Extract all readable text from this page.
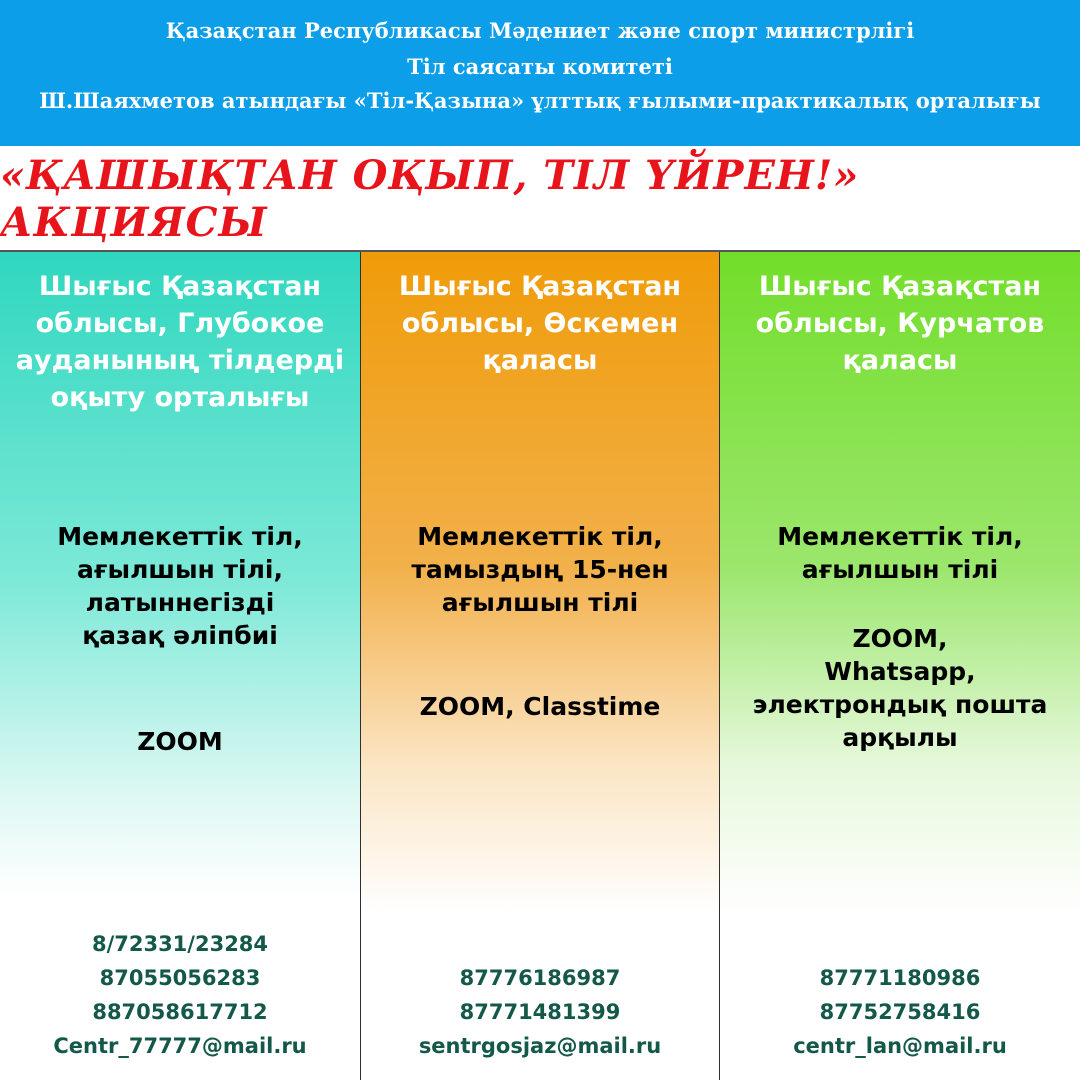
Қазақстан Республикасы Мәдениет және спорт министрлігі
Тіл саясаты комитеті
Ш.Шаяхметов атындағы «Тіл-Қазына» ұлттық ғылыми-практикалық орталығы
«ҚАШЫҚТАН ОҚЫП, ТІЛ ҮЙРЕН!» АКЦИЯСЫ
Шығыс Қазақстан
облысы, Глубокое
ауданының тілдерді
оқыту орталығы
Мемлекеттік тіл,
ағылшын тілі,
латыннегізді
қазақ әліпбиі
ZOOM
8/72331/23284
87055056283
887058617712
Centr_77777@mail.ru
Шығыс Қазақстан
облысы, Өскемен
қаласы
Мемлекеттік тіл,
тамыздың 15-нен
ағылшын тілі
ZOOM, Classtime
87776186987
87771481399
sentrgosjaz@mail.ru
Шығыс Қазақстан
облысы, Курчатов
қаласы
Мемлекеттік тіл,
ағылшын тілі
ZOOM,
Whatsapp,
электрондық пошта
арқылы
87771180986
87752758416
centr_lan@mail.ru
